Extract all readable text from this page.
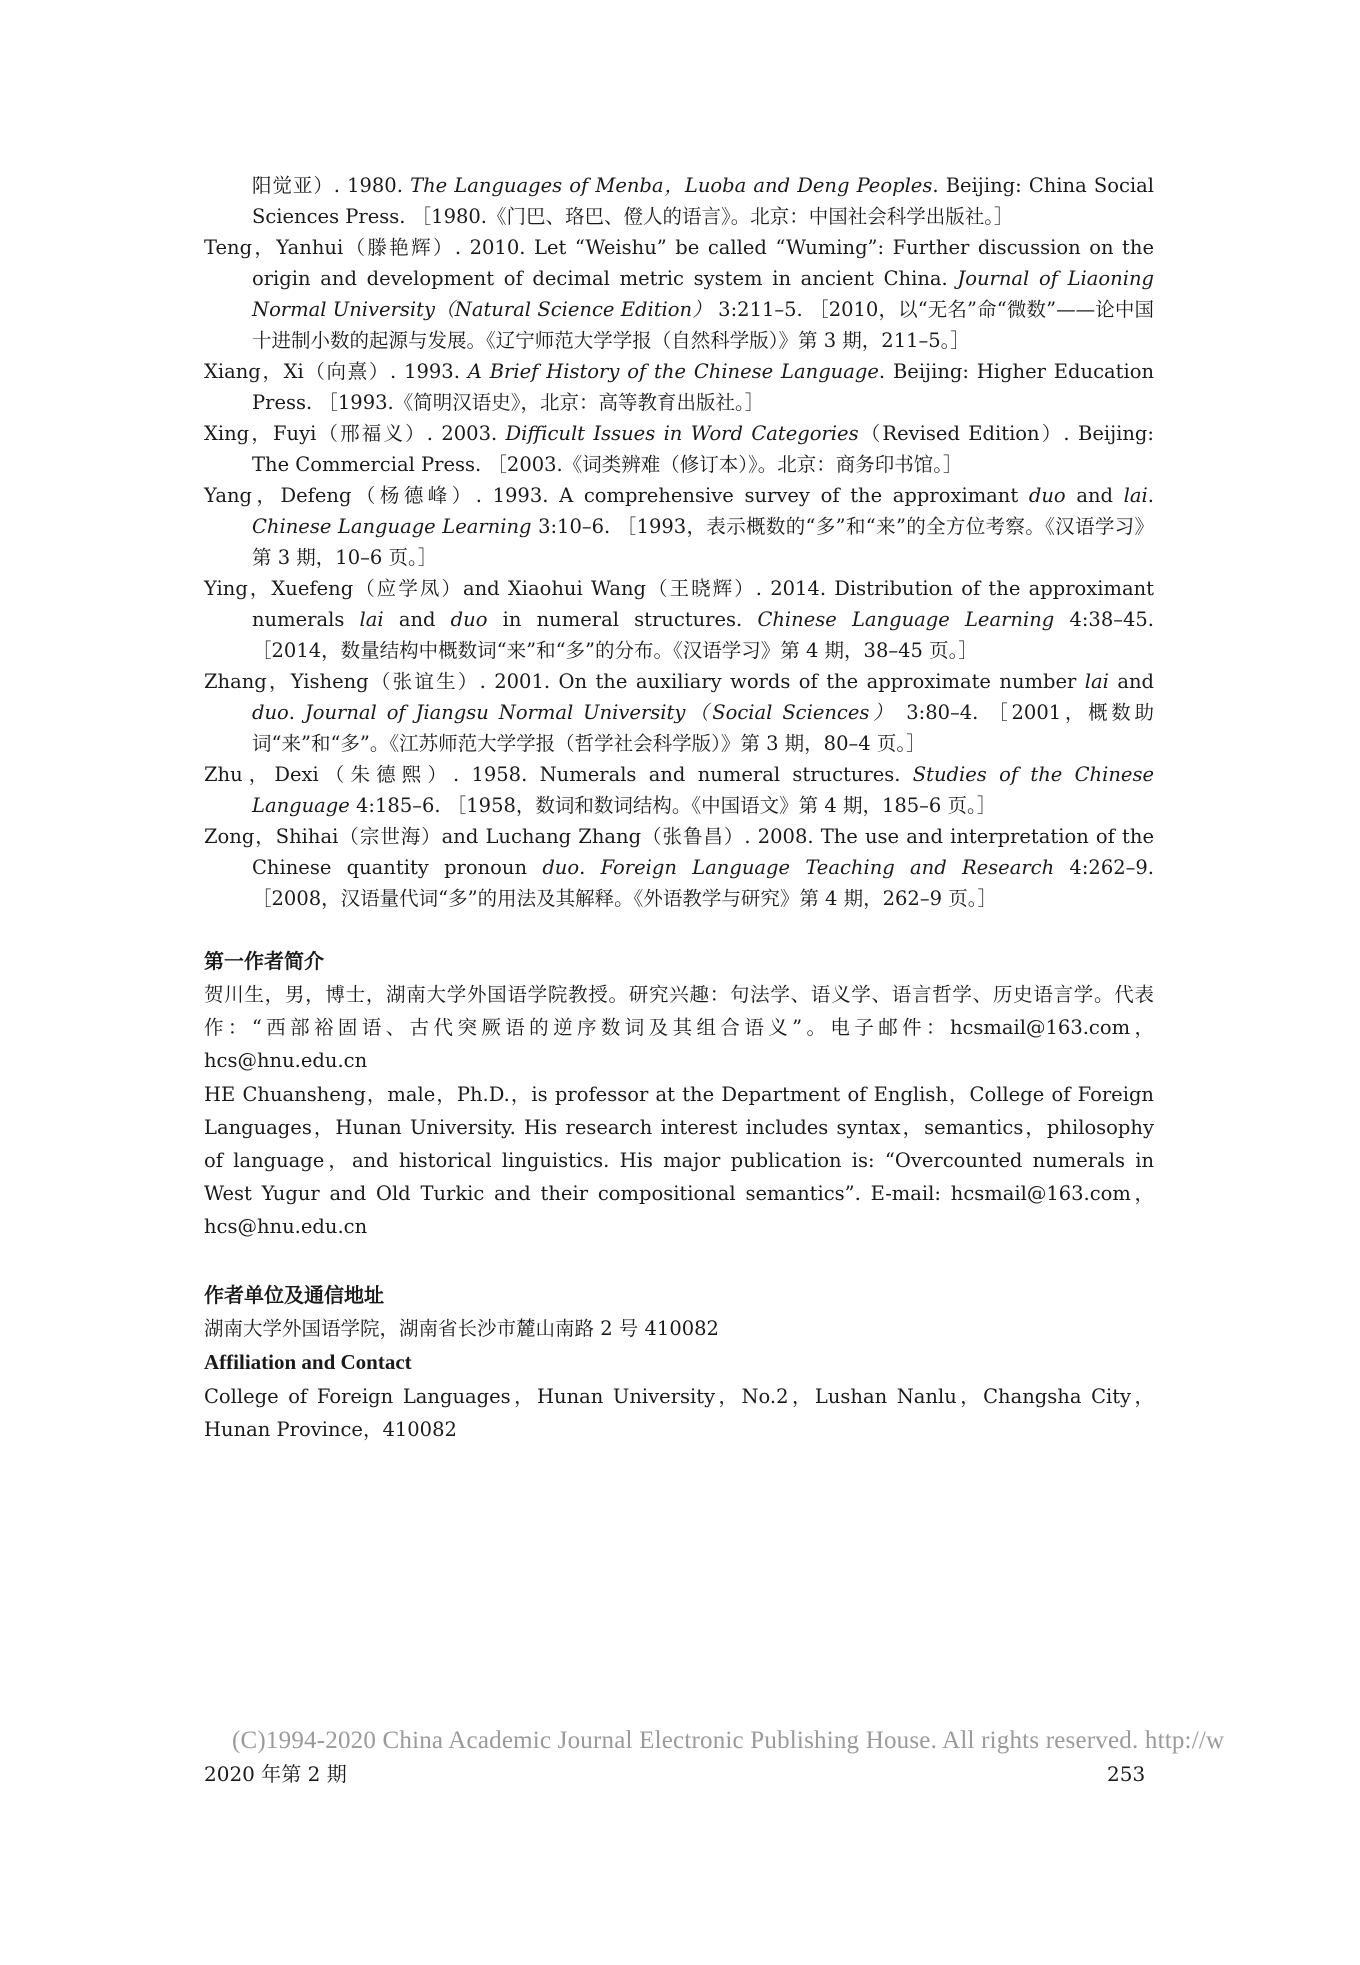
阳觉亚）. 1980. The Languages of Menba，Luoba and Deng Peoples. Beijing: China Social Sciences Press. ［1980.《门巴、珞巴、僜人的语言》。北京：中国社会科学出版社。］

Teng，Yanhui（滕艳辉）. 2010. Let “Weishu” be called “Wuming”: Further discussion on the origin and development of decimal metric system in ancient China. Journal of Liaoning Normal University（Natural Science Edition） 3:211–5. ［2010，以“无名”命“微数”——论中国十进制小数的起源与发展。《辽宁师范大学学报（自然科学版）》第 3 期，211–5。］

Xiang，Xi（向熹）. 1993. A Brief History of the Chinese Language. Beijing: Higher Education Press. ［1993.《简明汉语史》，北京：高等教育出版社。］

Xing，Fuyi（邢福义）. 2003. Difficult Issues in Word Categories（Revised Edition）. Beijing: The Commercial Press. ［2003.《词类辨难（修订本）》。北京：商务印书馆。］

Yang，Defeng（杨德峰）. 1993. A comprehensive survey of the approximant duo and lai. Chinese Language Learning 3:10–6. ［1993，表示概数的“多”和“来”的全方位考察。《汉语学习》第 3 期，10–6 页。］

Ying，Xuefeng（应学凤）and Xiaohui Wang（王晓辉）. 2014. Distribution of the approximant numerals lai and duo in numeral structures. Chinese Language Learning 4:38–45. ［2014，数量结构中概数词“来”和“多”的分布。《汉语学习》第 4 期，38–45 页。］

Zhang，Yisheng（张谊生）. 2001. On the auxiliary words of the approximate number lai and duo. Journal of Jiangsu Normal University（Social Sciences） 3:80–4. ［2001，概数助词“来”和“多”。《江苏师范大学学报（哲学社会科学版）》第 3 期，80–4 页。］

Zhu，Dexi（朱德熙）. 1958. Numerals and numeral structures. Studies of the Chinese Language 4:185–6. ［1958，数词和数词结构。《中国语文》第 4 期，185–6 页。］

Zong，Shihai（宗世海）and Luchang Zhang（张鲁昌）. 2008. The use and interpretation of the Chinese quantity pronoun duo. Foreign Language Teaching and Research 4:262–9. ［2008，汉语量代词“多”的用法及其解释。《外语教学与研究》第 4 期，262–9 页。］

第一作者简介

贺川生，男，博士，湖南大学外国语学院教授。研究兴趣：句法学、语义学、语言哲学、历史语言学。代表作：“西部裕固语、古代突厥语的逆序数词及其组合语义”。电子邮件：hcsmail@163.com，hcs@hnu.edu.cn

HE Chuansheng，male，Ph.D.，is professor at the Department of English，College of Foreign Languages，Hunan University. His research interest includes syntax，semantics，philosophy of language，and historical linguistics. His major publication is: “Overcounted numerals in West Yugur and Old Turkic and their compositional semantics”. E-mail: hcsmail@163.com，hcs@hnu.edu.cn

作者单位及通信地址

湖南大学外国语学院，湖南省长沙市麓山南路 2 号 410082

Affiliation and Contact

College of Foreign Languages，Hunan University，No.2，Lushan Nanlu，Changsha City，Hunan Province，410082

(C)1994-2020 China Academic Journal Electronic Publishing House. All rights reserved. http://w
2020 年第 2 期	253
